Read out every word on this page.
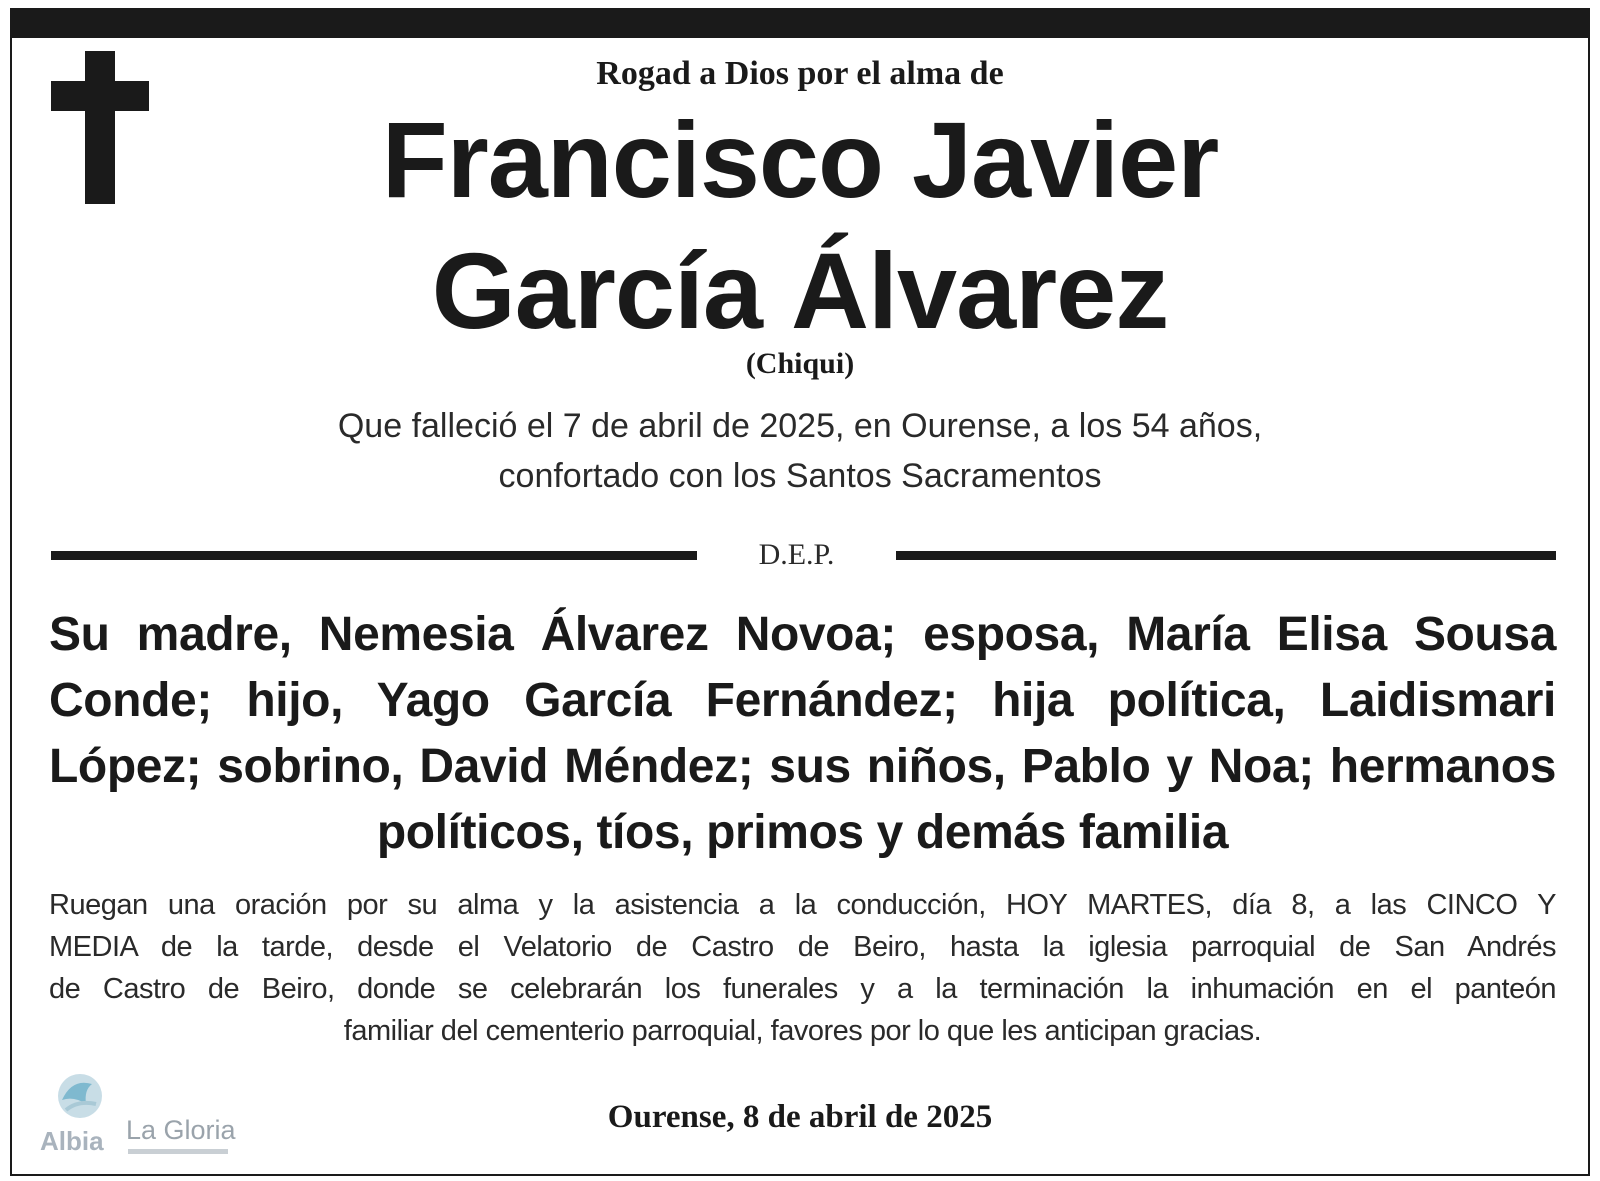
Rogad a Dios por el alma de
Francisco Javier
García Álvarez
(Chiqui)
Que falleció el 7 de abril de 2025, en Ourense, a los 54 años,
confortado con los Santos Sacramentos
D.E.P.
Su madre, Nemesia Álvarez Novoa; esposa, María Elisa Sousa
Conde; hijo, Yago García Fernández; hija política, Laidismari
López; sobrino, David Méndez; sus niños, Pablo y Noa; hermanos
políticos, tíos, primos y demás familia
Ruegan una oración por su alma y la asistencia a la conducción, HOY MARTES, día 8, a las CINCO Y
MEDIA de la tarde, desde el Velatorio de Castro de Beiro, hasta la iglesia parroquial de San Andrés
de Castro de Beiro, donde se celebrarán los funerales y a la terminación la inhumación en el panteón
familiar del cementerio parroquial, favores por lo que les anticipan gracias.
Ourense, 8 de abril de 2025
Albia La Gloria
